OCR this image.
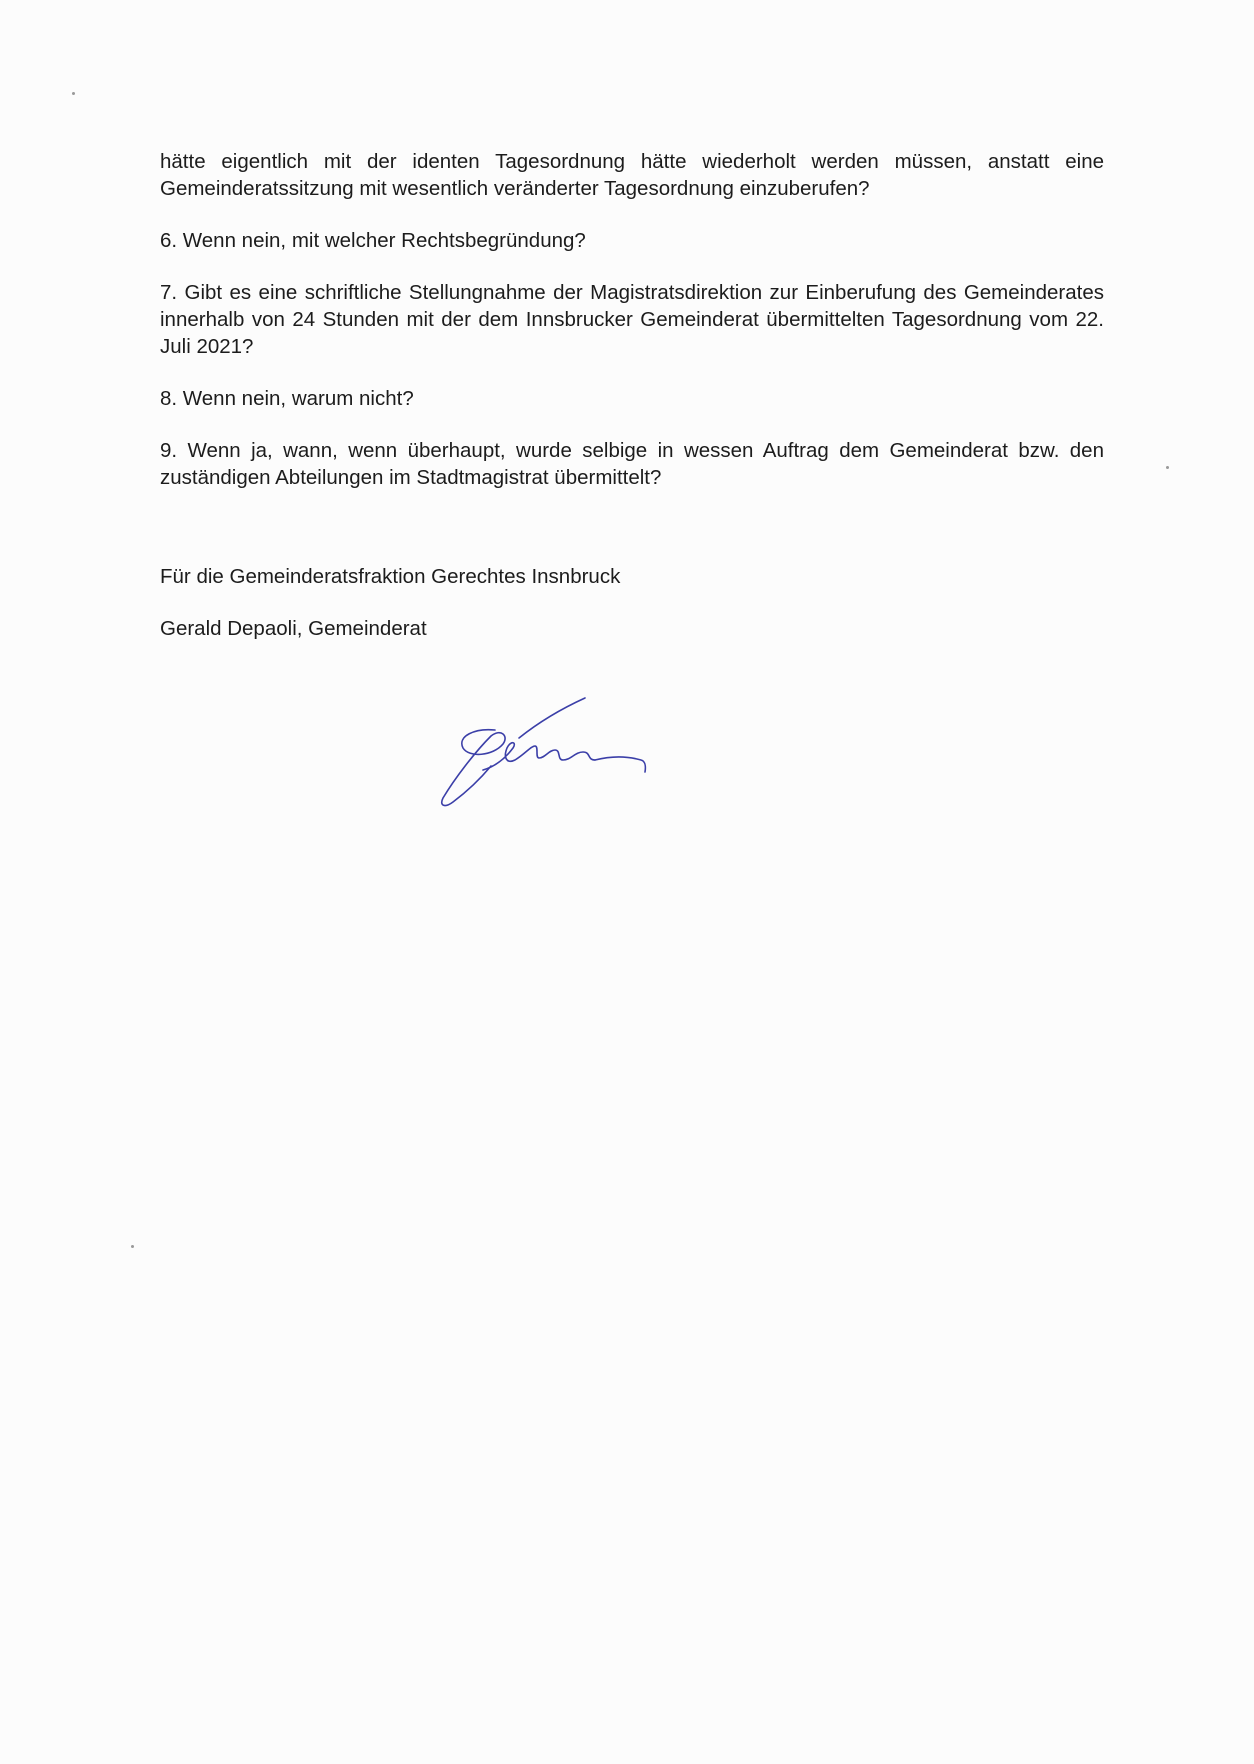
hätte eigentlich mit der identen Tagesordnung hätte wiederholt werden müssen, anstatt eine Gemeinderatssitzung mit wesentlich veränderter Tagesordnung einzuberufen?

6. Wenn nein, mit welcher Rechtsbegründung?

7. Gibt es eine schriftliche Stellungnahme der Magistratsdirektion zur Einberufung des Gemeinderates innerhalb von 24 Stunden mit der dem Innsbrucker Gemeinderat übermittelten Tagesordnung vom 22. Juli 2021?

8. Wenn nein, warum nicht?

9. Wenn ja, wann, wenn überhaupt, wurde selbige in wessen Auftrag dem Gemeinderat bzw. den zuständigen Abteilungen im Stadtmagistrat übermittelt?

Für die Gemeinderatsfraktion Gerechtes Insnbruck

Gerald Depaoli, Gemeinderat
